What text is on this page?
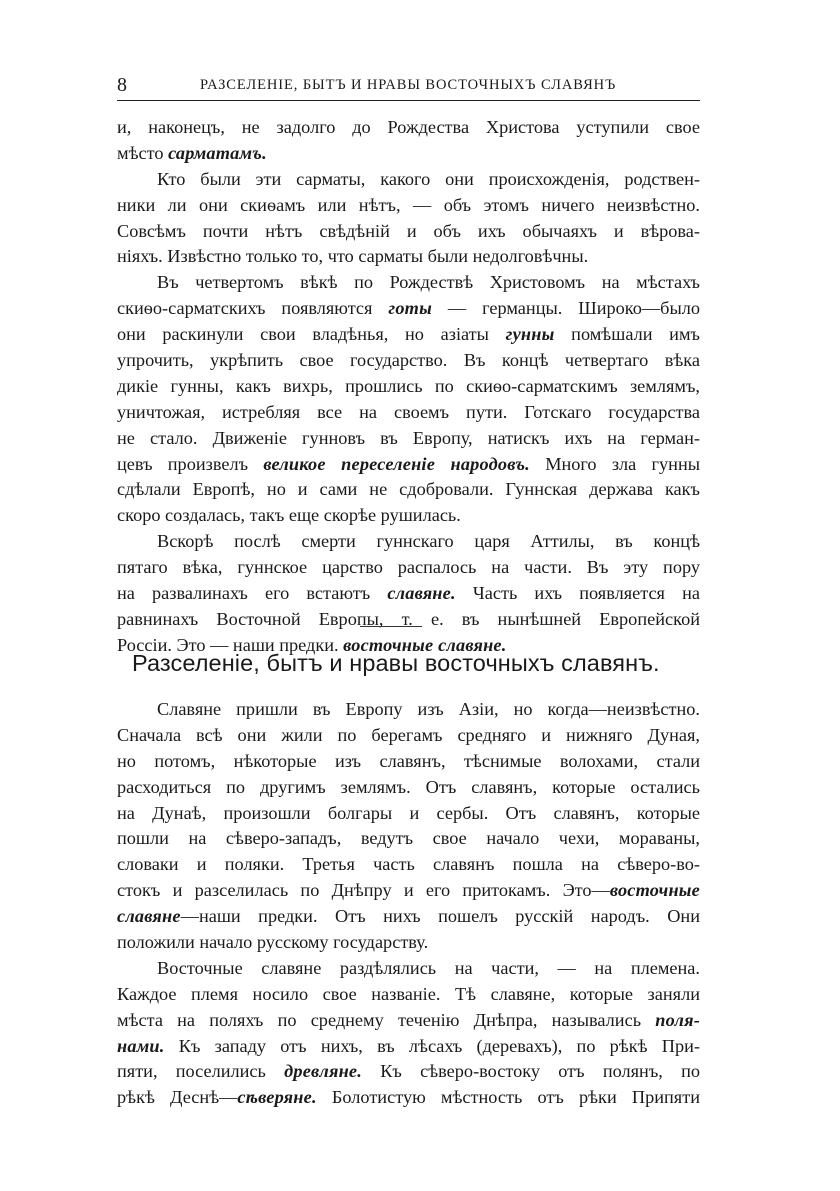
8	РАЗСЕЛЕНІЕ, БЫТЪ И НРАВЫ ВОСТОЧНЫХЪ СЛАВЯНЪ
и, наконецъ, не задолго до Рождества Христова уступили свое
мѣсто сарматамъ.
Кто были эти сарматы, какого они происхожденія, родствен-
ники ли они скиѳамъ или нѣтъ, — объ этомъ ничего неизвѣстно.
Совсѣмъ почти нѣтъ свѣдѣній и объ ихъ обычаяхъ и вѣрова-
ніяхъ. Извѣстно только то, что сарматы были недолговѣчны.
Въ четвертомъ вѣкѣ по Рождествѣ Христовомъ на мѣстахъ
скиѳо-сарматскихъ появляются готы — германцы. Широко—было
они раскинули свои владѣнья, но азіаты гунны помѣшали имъ
упрочить, укрѣпить свое государство. Въ концѣ четвертаго вѣка
дикіе гунны, какъ вихрь, прошлись по скиѳо-сарматскимъ землямъ,
уничтожая, истребляя все на своемъ пути. Готскаго государства
не стало. Движеніе гунновъ въ Европу, натискъ ихъ на герман-
цевъ произвелъ великое переселеніе народовъ. Много зла гунны
сдѣлали Европѣ, но и сами не сдобровали. Гуннская держава какъ
скоро создалась, такъ еще скорѣе рушилась.
Вскорѣ послѣ смерти гуннскаго царя Аттилы, въ концѣ
пятаго вѣка, гуннское царство распалось на части. Въ эту пору
на развалинахъ его встаютъ славяне. Часть ихъ появляется на
равнинахъ Восточной Европы, т. е. въ нынѣшней Европейской
Россіи. Это — наши предки. восточные славяне.
Разселеніе, бытъ и нравы восточныхъ славянъ.
Славяне пришли въ Европу изъ Азіи, но когда—неизвѣстно.
Сначала всѣ они жили по берегамъ средняго и нижняго Дуная,
но потомъ, нѣкоторые изъ славянъ, тѣснимые волохами, стали
расходиться по другимъ землямъ. Отъ славянъ, которые остались
на Дунаѣ, произошли болгары и сербы. Отъ славянъ, которые
пошли на сѣверо-западъ, ведутъ свое начало чехи, мораваны,
словаки и поляки. Третья часть славянъ пошла на сѣверо-во-
стокъ и разселилась по Днѣпру и его притокамъ. Это—восточные
славяне—наши предки. Отъ нихъ пошелъ русскій народъ. Они
положили начало русскому государству.
Восточные славяне раздѣлялись на части, — на племена.
Каждое племя носило свое названіе. Тѣ славяне, которые заняли
мѣста на поляхъ по среднему теченію Днѣпра, назывались поля-
нами. Къ западу отъ нихъ, въ лѣсахъ (деревахъ), по рѣкѣ При-
пяти, поселились древляне. Къ сѣверо-востоку отъ полянъ, по
рѣкѣ Деснѣ—сѣверяне. Болотистую мѣстность отъ рѣки Припяти
